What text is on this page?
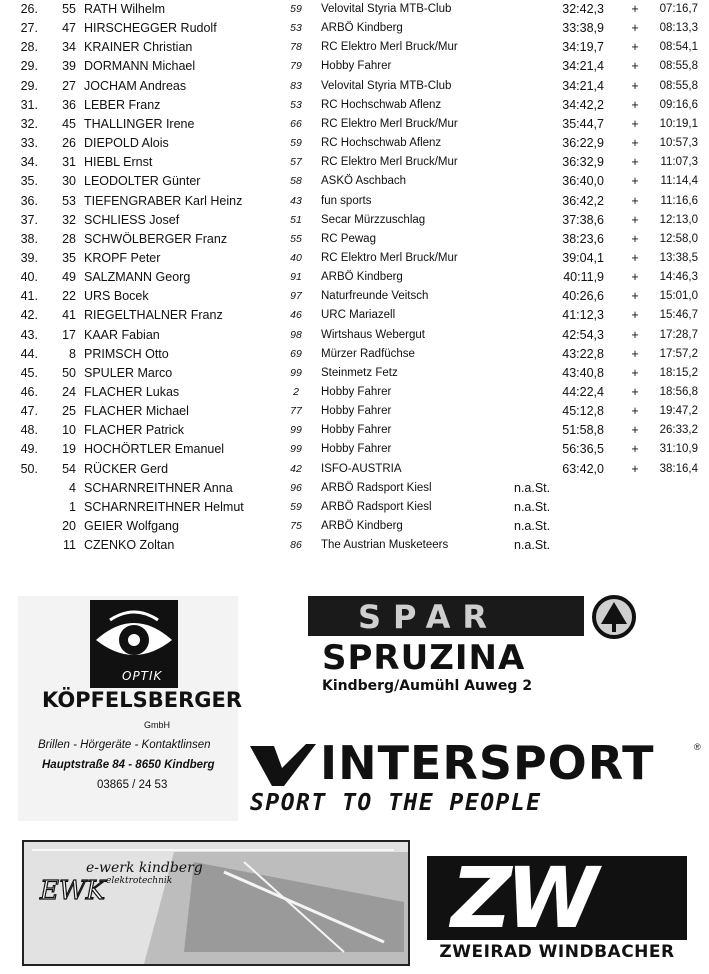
26.	55 RATH Wilhelm	59	Velovital Styria MTB-Club	32:42,3 +	07:16,7
27.	47 HIRSCHEGGER Rudolf	53	ARBÖ Kindberg	33:38,9 +	08:13,3
28.	34 KRAINER Christian	78	RC Elektro Merl Bruck/Mur	34:19,7 +	08:54,1
29.	39 DORMANN Michael	79	Hobby Fahrer	34:21,4 +	08:55,8
29.	27 JOCHAM Andreas	83	Velovital Styria MTB-Club	34:21,4 +	08:55,8
31.	36 LEBER Franz	53	RC Hochschwab Aflenz	34:42,2 +	09:16,6
32.	45 THALLINGER Irene	66	RC Elektro Merl Bruck/Mur	35:44,7 +	10:19,1
33.	26 DIEPOLD Alois	59	RC Hochschwab Aflenz	36:22,9 +	10:57,3
34.	31 HIEBL Ernst	57	RC Elektro Merl Bruck/Mur	36:32,9 +	11:07,3
35.	30 LEODOLTER Günter	58	ASKÖ Aschbach	36:40,0 +	11:14,4
36.	53 TIEFENGRABER Karl Heinz	43	fun sports	36:42,2 +	11:16,6
37.	32 SCHLIESS Josef	51	Secar Mürzzuschlag	37:38,6 +	12:13,0
38.	28 SCHWÖLBERGER Franz	55	RC Pewag	38:23,6 +	12:58,0
39.	35 KROPF Peter	40	RC Elektro Merl Bruck/Mur	39:04,1 +	13:38,5
40.	49 SALZMANN Georg	91	ARBÖ Kindberg	40:11,9 +	14:46,3
41.	22 URS Bocek	97	Naturfreunde Veitsch	40:26,6 +	15:01,0
42.	41 RIEGELTHALNER Franz	46	URC Mariazell	41:12,3 +	15:46,7
43.	17 KAAR Fabian	98	Wirtshaus Webergut	42:54,3 +	17:28,7
44.	8 PRIMSCH Otto	69	Mürzer Radfüchse	43:22,8 +	17:57,2
45.	50 SPULER Marco	99	Steinmetz Fetz	43:40,8 +	18:15,2
46.	24 FLACHER Lukas	2	Hobby Fahrer	44:22,4 +	18:56,8
47.	25 FLACHER Michael	77	Hobby Fahrer	45:12,8 +	19:47,2
48.	10 FLACHER Patrick	99	Hobby Fahrer	51:58,8 +	26:33,2
49.	19 HOCHÖRTLER Emanuel	99	Hobby Fahrer	56:36,5 +	31:10,9
50.	54 RÜCKER Gerd	42	ISFO-AUSTRIA	63:42,0 +	38:16,4
4 SCHARNREITHNER Anna	96	ARBÖ Radsport Kiesl	n.a.St.
1 SCHARNREITHNER Helmut	59	ARBÖ Radsport Kiesl	n.a.St.
20 GEIER Wolfgang	75	ARBÖ Kindberg	n.a.St.
11 CZENKO Zoltan	86	The Austrian Musketeers	n.a.St.
OPTIK
KÖPFELSBERGER
GmbH
Brillen - Hörgeräte - Kontaktlinsen
Hauptstraße 84 - 8650 Kindberg
03865 / 24 53
SPAR
SPRUZINA
Kindberg/Aumühl Auweg 2
INTERSPORT	®
SPORT TO THE PEOPLE
e-werk kindberg
elektrotechnik
EWK	ZW
ZWEIRAD WINDBACHER
